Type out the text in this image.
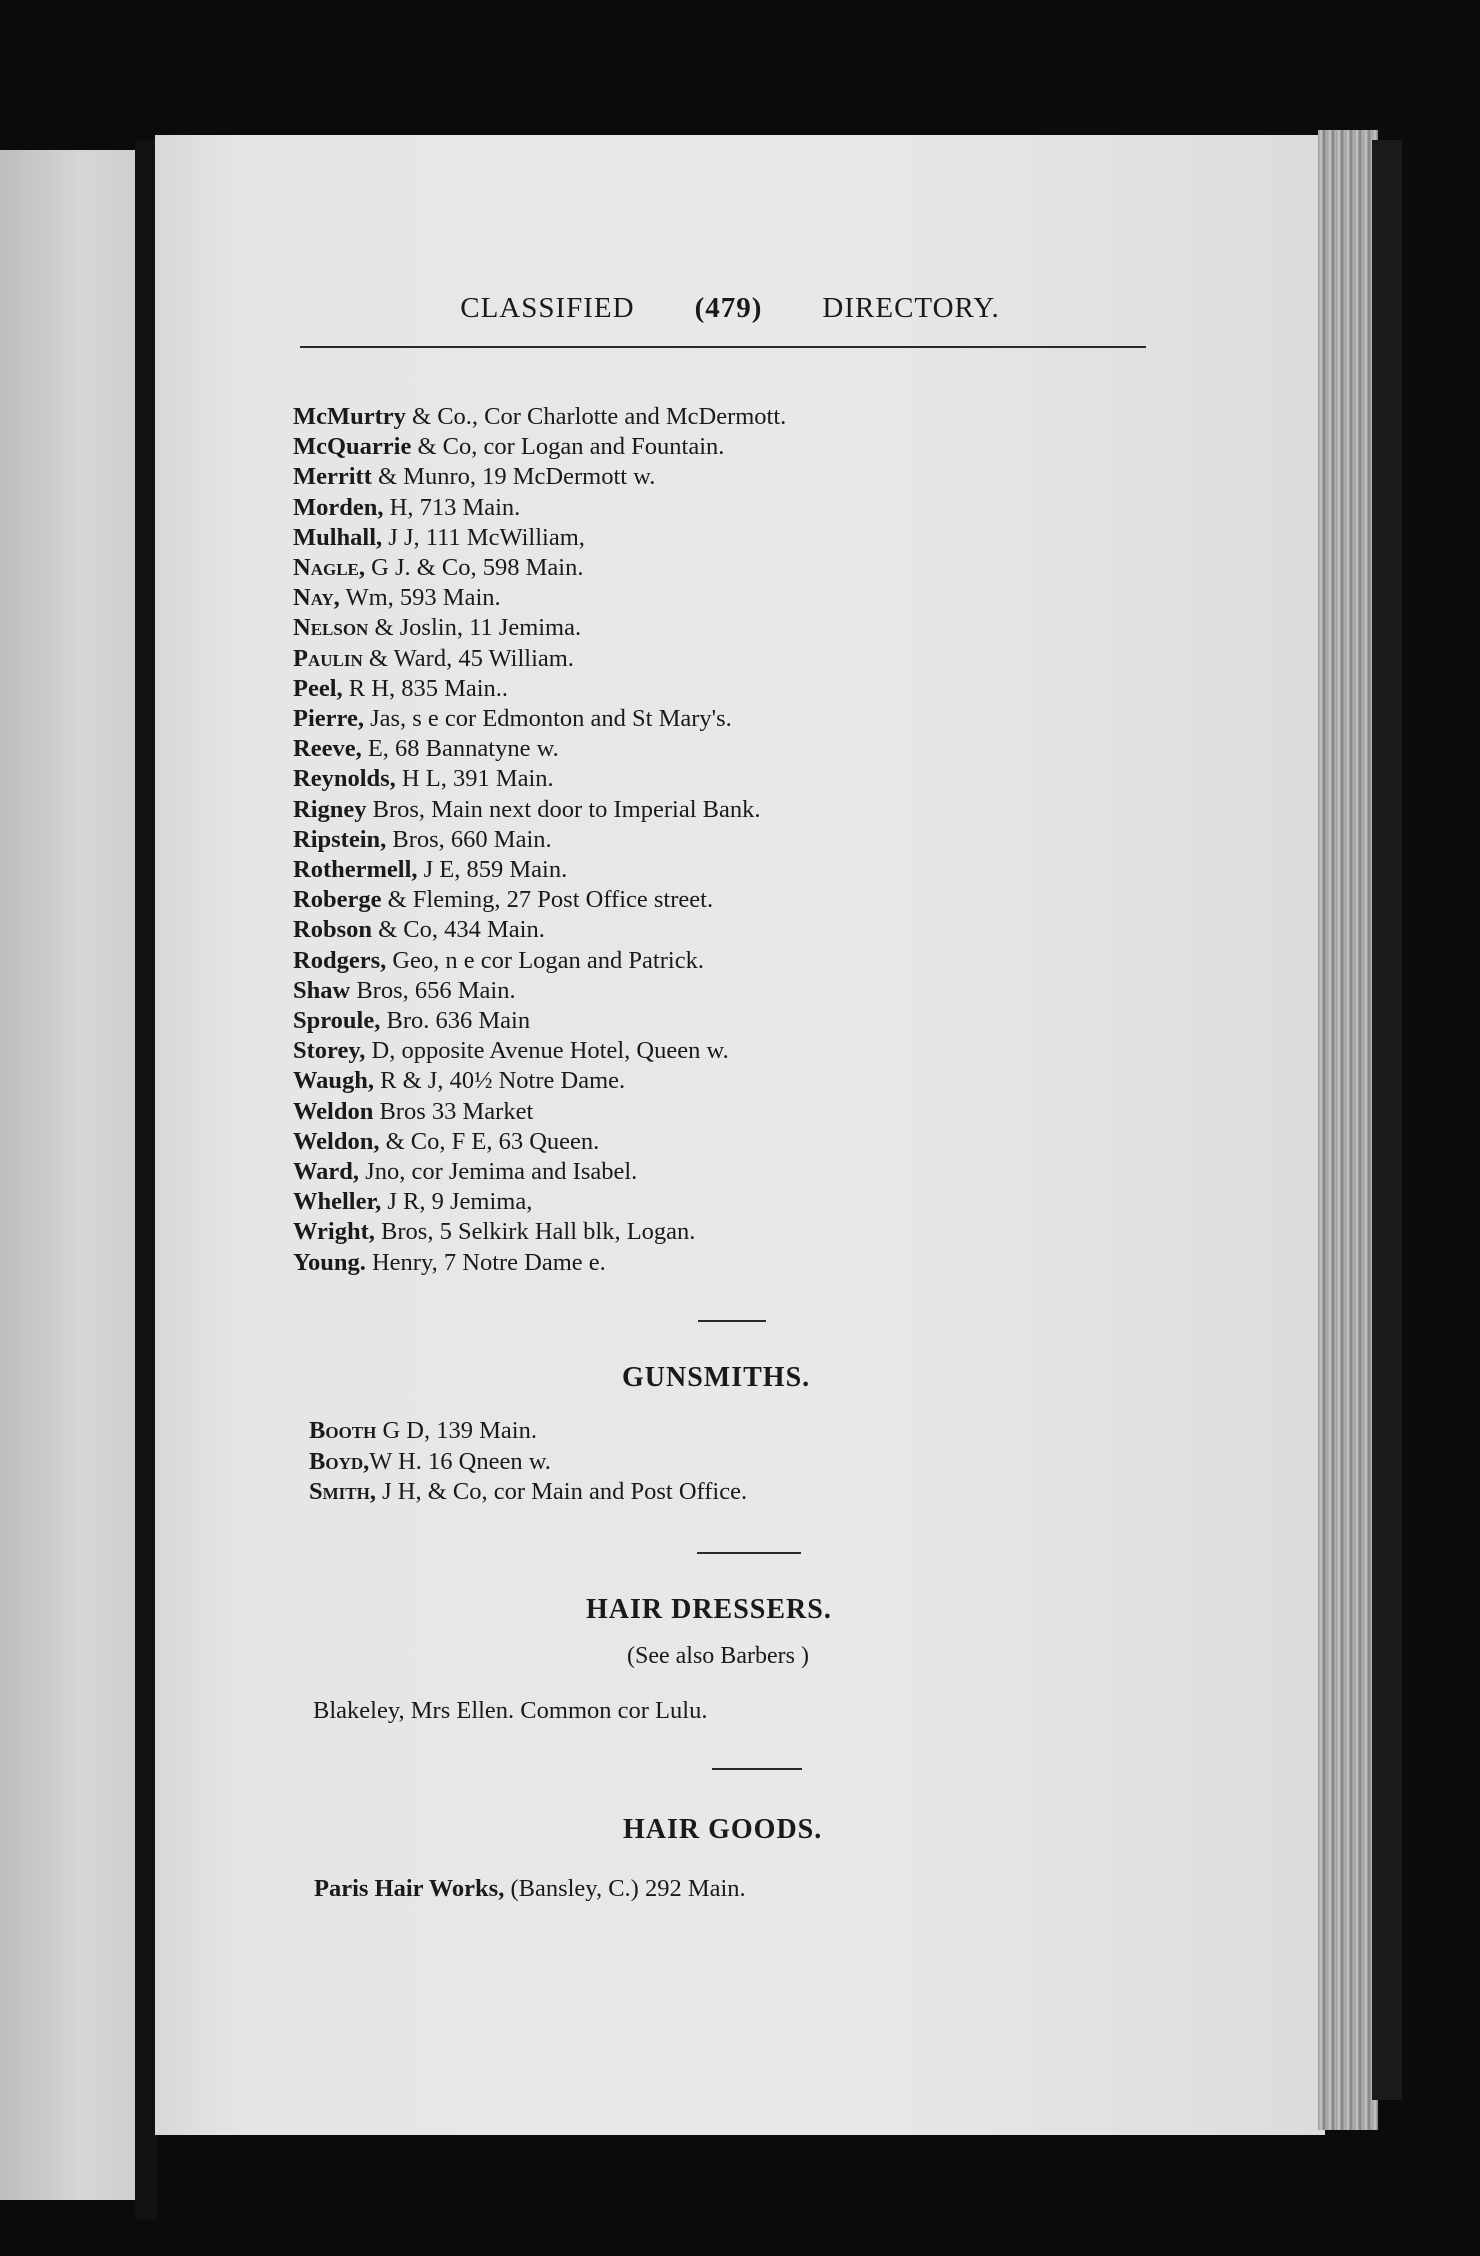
CLASSIFIED (479) DIRECTORY.
McMurtry & Co., Cor Charlotte and McDermott.
McQuarrie & Co, cor Logan and Fountain.
Merritt & Munro, 19 McDermott w.
Morden, H, 713 Main.
Mulhall, J J, 111 McWilliam,
Nagle, G J. & Co, 598 Main.
Nay, Wm, 593 Main.
Nelson & Joslin, 11 Jemima.
Paulin & Ward, 45 William.
Peel, R H, 835 Main..
Pierre, Jas, s e cor Edmonton and St Mary's.
Reeve, E, 68 Bannatyne w.
Reynolds, H L, 391 Main.
Rigney Bros, Main next door to Imperial Bank.
Ripstein, Bros, 660 Main.
Rothermell, J E, 859 Main.
Roberge & Fleming, 27 Post Office street.
Robson & Co, 434 Main.
Rodgers, Geo, n e cor Logan and Patrick.
Shaw Bros, 656 Main.
Sproule, Bro. 636 Main
Storey, D, opposite Avenue Hotel, Queen w.
Waugh, R & J, 40½ Notre Dame.
Weldon Bros 33 Market
Weldon, & Co, F E, 63 Queen.
Ward, Jno, cor Jemima and Isabel.
Wheller, J R, 9 Jemima,
Wright, Bros, 5 Selkirk Hall blk, Logan.
Young. Henry, 7 Notre Dame e.
GUNSMITHS.
Booth G D, 139 Main.
Boyd,W H. 16 Qneen w.
Smith, J H, & Co, cor Main and Post Office.
HAIR DRESSERS.
(See also Barbers )
Blakeley, Mrs Ellen. Common cor Lulu.
HAIR GOODS.
Paris Hair Works, (Bansley, C.) 292 Main.
